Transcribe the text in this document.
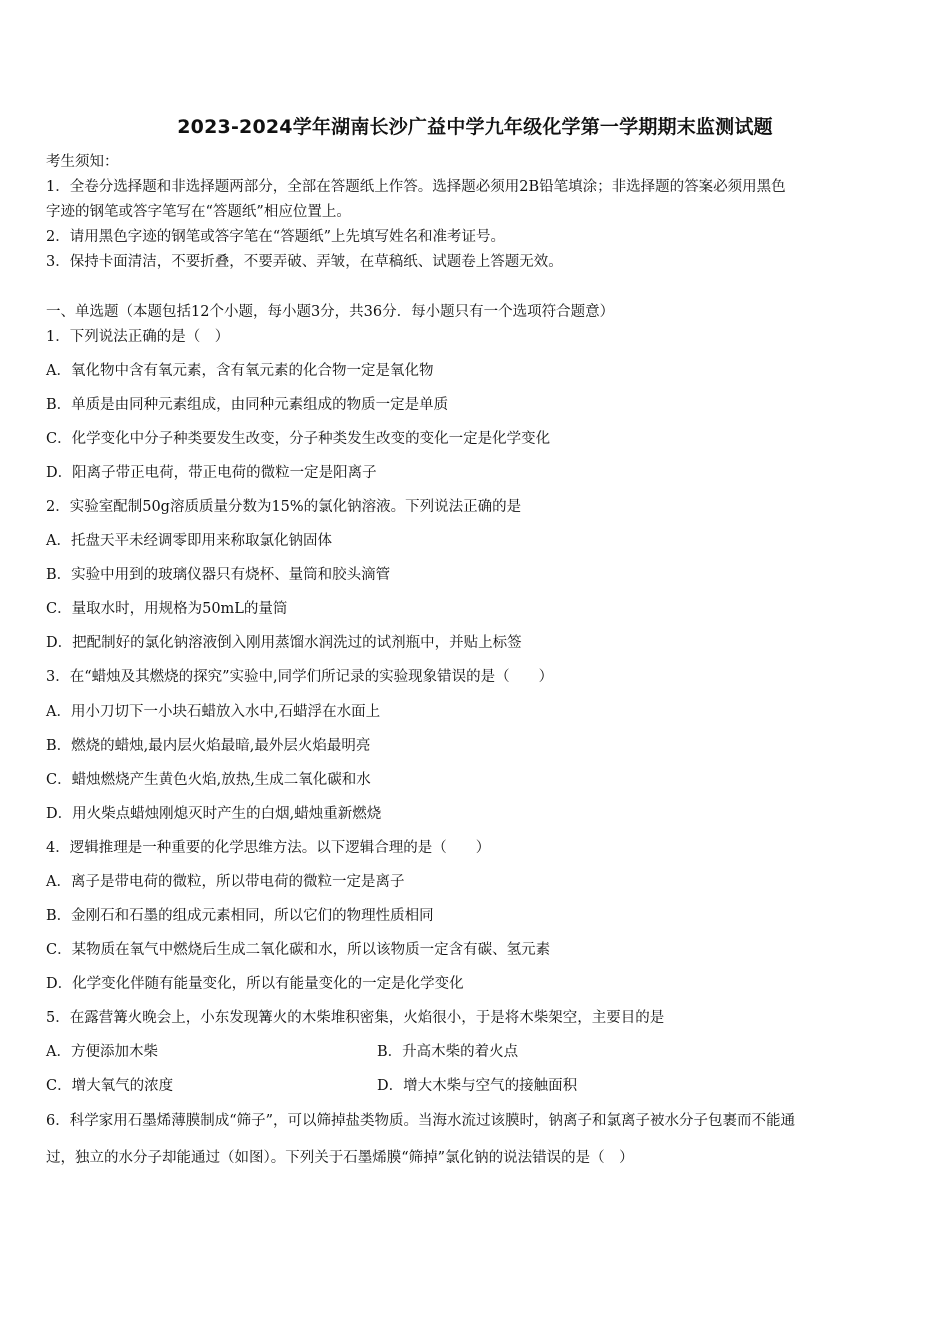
2023-2024学年湖南长沙广益中学九年级化学第一学期期末监测试题
考生须知：
1．全卷分选择题和非选择题两部分，全部在答题纸上作答。选择题必须用2B铅笔填涂；非选择题的答案必须用黑色
字迹的钢笔或答字笔写在“答题纸”相应位置上。
2．请用黑色字迹的钢笔或答字笔在“答题纸”上先填写姓名和准考证号。
3．保持卡面清洁，不要折叠，不要弄破、弄皱，在草稿纸、试题卷上答题无效。
一、单选题（本题包括12个小题，每小题3分，共36分．每小题只有一个选项符合题意）
1．下列说法正确的是（　）
A．氧化物中含有氧元素，含有氧元素的化合物一定是氧化物
B．单质是由同种元素组成，由同种元素组成的物质一定是单质
C．化学变化中分子种类要发生改变，分子种类发生改变的变化一定是化学变化
D．阳离子带正电荷，带正电荷的微粒一定是阳离子
2．实验室配制50g溶质质量分数为15%的氯化钠溶液。下列说法正确的是
A．托盘天平未经调零即用来称取氯化钠固体
B．实验中用到的玻璃仪器只有烧杯、量筒和胶头滴管
C．量取水时，用规格为50mL的量筒
D．把配制好的氯化钠溶液倒入刚用蒸馏水润洗过的试剂瓶中，并贴上标签
3．在“蜡烛及其燃烧的探究”实验中,同学们所记录的实验现象错误的是（　　）
A．用小刀切下一小块石蜡放入水中,石蜡浮在水面上
B．燃烧的蜡烛,最内层火焰最暗,最外层火焰最明亮
C．蜡烛燃烧产生黄色火焰,放热,生成二氧化碳和水
D．用火柴点蜡烛刚熄灭时产生的白烟,蜡烛重新燃烧
4．逻辑推理是一种重要的化学思维方法。以下逻辑合理的是（　　）
A．离子是带电荷的微粒，所以带电荷的微粒一定是离子
B．金刚石和石墨的组成元素相同，所以它们的物理性质相同
C．某物质在氧气中燃烧后生成二氧化碳和水，所以该物质一定含有碳、氢元素
D．化学变化伴随有能量变化，所以有能量变化的一定是化学变化
5．在露营篝火晚会上，小东发现篝火的木柴堆积密集，火焰很小，于是将木柴架空，主要目的是
A．方便添加木柴	B．升高木柴的着火点
C．增大氧气的浓度	D．增大木柴与空气的接触面积
6．科学家用石墨烯薄膜制成“筛子”，可以筛掉盐类物质。当海水流过该膜时，钠离子和氯离子被水分子包裹而不能通
过，独立的水分子却能通过（如图）。下列关于石墨烯膜“筛掉”氯化钠的说法错误的是（　）
